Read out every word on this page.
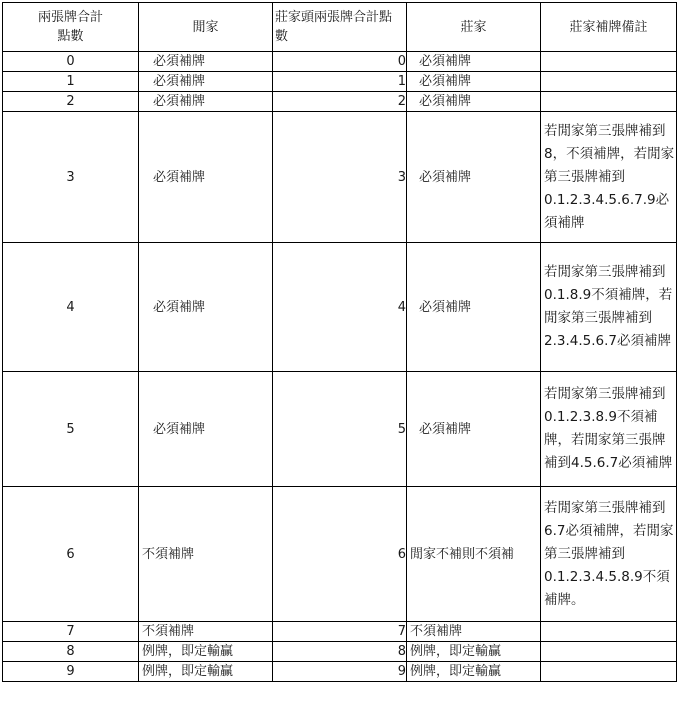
兩張牌合計點數	閒家	莊家頭兩張牌合計點數	莊家	莊家補牌備註
0	必須補牌	0	必須補牌	
1	必須補牌	1	必須補牌	
2	必須補牌	2	必須補牌	
3	必須補牌	3	必須補牌	若閒家第三張牌補到8，不須補牌，若閒家第三張牌補到0.1.2.3.4.5.6.7.9必須補牌
4	必須補牌	4	必須補牌	若閒家第三張牌補到0.1.8.9不須補牌，若閒家第三張牌補到2.3.4.5.6.7必須補牌
5	必須補牌	5	必須補牌	若閒家第三張牌補到0.1.2.3.8.9不須補牌，若閒家第三張牌補到4.5.6.7必須補牌
6	不須補牌	6	閒家不補則不須補	若閒家第三張牌補到6.7必須補牌，若閒家第三張牌補到0.1.2.3.4.5.8.9不須補牌。
7	不須補牌	7	不須補牌	
8	例牌，即定輸贏	8	例牌，即定輸贏	
9	例牌，即定輸贏	9	例牌，即定輸贏	
